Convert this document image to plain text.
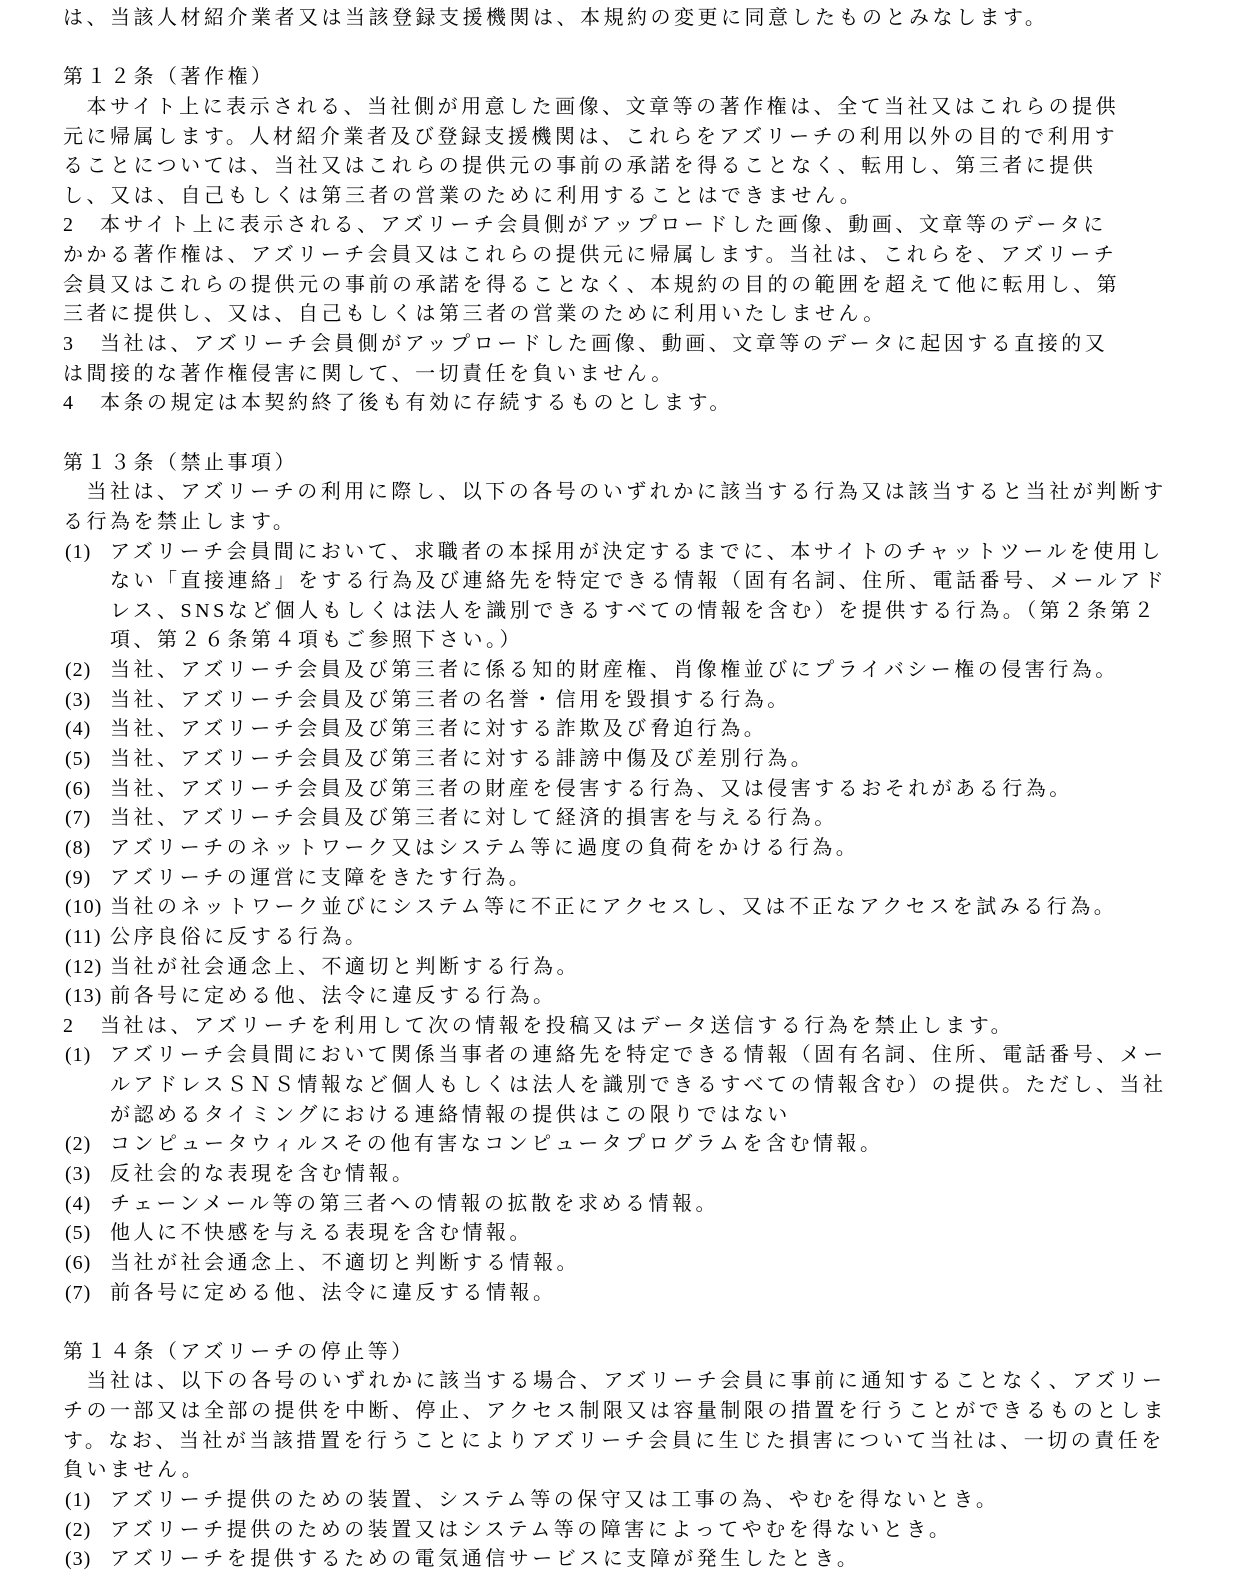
は、当該人材紹介業者又は当該登録支援機関は、本規約の変更に同意したものとみなします。

第１２条（著作権）
　本サイト上に表示される、当社側が用意した画像、文章等の著作権は、全て当社又はこれらの提供
元に帰属します。人材紹介業者及び登録支援機関は、これらをアズリーチの利用以外の目的で利用す
ることについては、当社又はこれらの提供元の事前の承諾を得ることなく、転用し、第三者に提供
し、又は、自己もしくは第三者の営業のために利用することはできません。
2　本サイト上に表示される、アズリーチ会員側がアップロードした画像、動画、文章等のデータに
かかる著作権は、アズリーチ会員又はこれらの提供元に帰属します。当社は、これらを、アズリーチ
会員又はこれらの提供元の事前の承諾を得ることなく、本規約の目的の範囲を超えて他に転用し、第
三者に提供し、又は、自己もしくは第三者の営業のために利用いたしません。
3　当社は、アズリーチ会員側がアップロードした画像、動画、文章等のデータに起因する直接的又
は間接的な著作権侵害に関して、一切責任を負いません。
4　本条の規定は本契約終了後も有効に存続するものとします。

第１３条（禁止事項）
　当社は、アズリーチの利用に際し、以下の各号のいずれかに該当する行為又は該当すると当社が判断す
る行為を禁止します。
(1) アズリーチ会員間において、求職者の本採用が決定するまでに、本サイトのチャットツールを使用し
ない「直接連絡」をする行為及び連絡先を特定できる情報（固有名詞、住所、電話番号、メールアド
レス、SNSなど個人もしくは法人を識別できるすべての情報を含む）を提供する行為。（第２条第２
項、第２６条第４項もご参照下さい。）
(2) 当社、アズリーチ会員及び第三者に係る知的財産権、肖像権並びにプライバシー権の侵害行為。
(3) 当社、アズリーチ会員及び第三者の名誉・信用を毀損する行為。
(4) 当社、アズリーチ会員及び第三者に対する詐欺及び脅迫行為。
(5) 当社、アズリーチ会員及び第三者に対する誹謗中傷及び差別行為。
(6) 当社、アズリーチ会員及び第三者の財産を侵害する行為、又は侵害するおそれがある行為。
(7) 当社、アズリーチ会員及び第三者に対して経済的損害を与える行為。
(8) アズリーチのネットワーク又はシステム等に過度の負荷をかける行為。
(9) アズリーチの運営に支障をきたす行為。
(10) 当社のネットワーク並びにシステム等に不正にアクセスし、又は不正なアクセスを試みる行為。
(11) 公序良俗に反する行為。
(12) 当社が社会通念上、不適切と判断する行為。
(13) 前各号に定める他、法令に違反する行為。
2　当社は、アズリーチを利用して次の情報を投稿又はデータ送信する行為を禁止します。
(1) アズリーチ会員間において関係当事者の連絡先を特定できる情報（固有名詞、住所、電話番号、メー
ルアドレスＳＮＳ情報など個人もしくは法人を識別できるすべての情報含む）の提供。ただし、当社
が認めるタイミングにおける連絡情報の提供はこの限りではない
(2) コンピュータウィルスその他有害なコンピュータプログラムを含む情報。
(3) 反社会的な表現を含む情報。
(4) チェーンメール等の第三者への情報の拡散を求める情報。
(5) 他人に不快感を与える表現を含む情報。
(6) 当社が社会通念上、不適切と判断する情報。
(7) 前各号に定める他、法令に違反する情報。

第１４条（アズリーチの停止等）
　当社は、以下の各号のいずれかに該当する場合、アズリーチ会員に事前に通知することなく、アズリー
チの一部又は全部の提供を中断、停止、アクセス制限又は容量制限の措置を行うことができるものとしま
す。なお、当社が当該措置を行うことによりアズリーチ会員に生じた損害について当社は、一切の責任を
負いません。
(1) アズリーチ提供のための装置、システム等の保守又は工事の為、やむを得ないとき。
(2) アズリーチ提供のための装置又はシステム等の障害によってやむを得ないとき。
(3) アズリーチを提供するための電気通信サービスに支障が発生したとき。
